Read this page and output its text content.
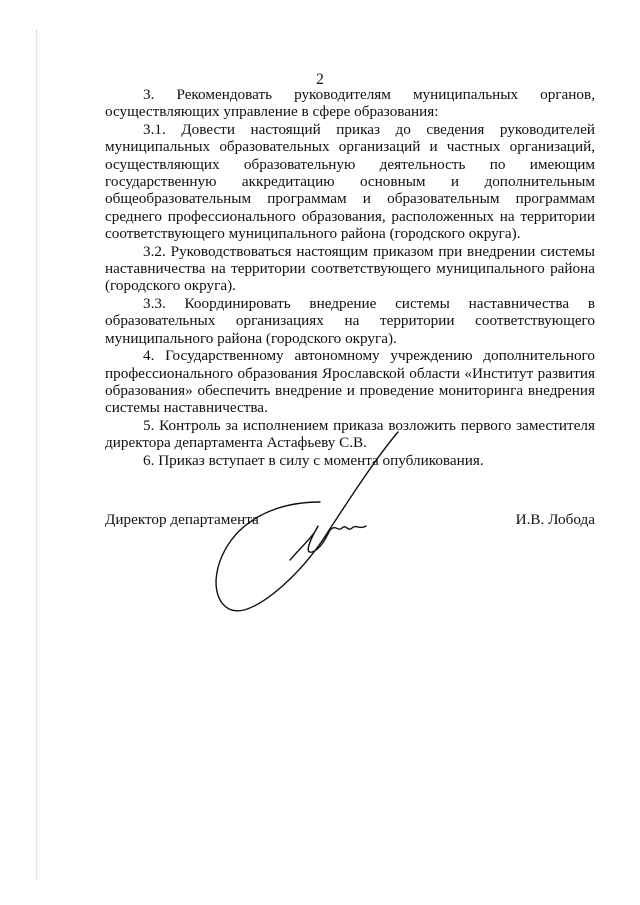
2

3. Рекомендовать руководителям муниципальных органов, осуществляющих управление в сфере образования:

3.1. Довести настоящий приказ до сведения руководителей муниципальных образовательных организаций и частных организаций, осуществляющих образовательную деятельность по имеющим государственную аккредитацию основным и дополнительным общеобразовательным программам и образовательным программам среднего профессионального образования, расположенных на территории соответствующего муниципального района (городского округа).

3.2. Руководствоваться настоящим приказом при внедрении системы наставничества на территории соответствующего муниципального района (городского округа).

3.3. Координировать внедрение системы наставничества в образовательных организациях на территории соответствующего муниципального района (городского округа).

4. Государственному автономному учреждению дополнительного профессионального образования Ярославской области «Институт развития образования» обеспечить внедрение и проведение мониторинга внедрения системы наставничества.

5. Контроль за исполнением приказа возложить первого заместителя директора департамента Астафьеву С.В.

6. Приказ вступает в силу с момента опубликования.

Директор департамента	И.В. Лобода
